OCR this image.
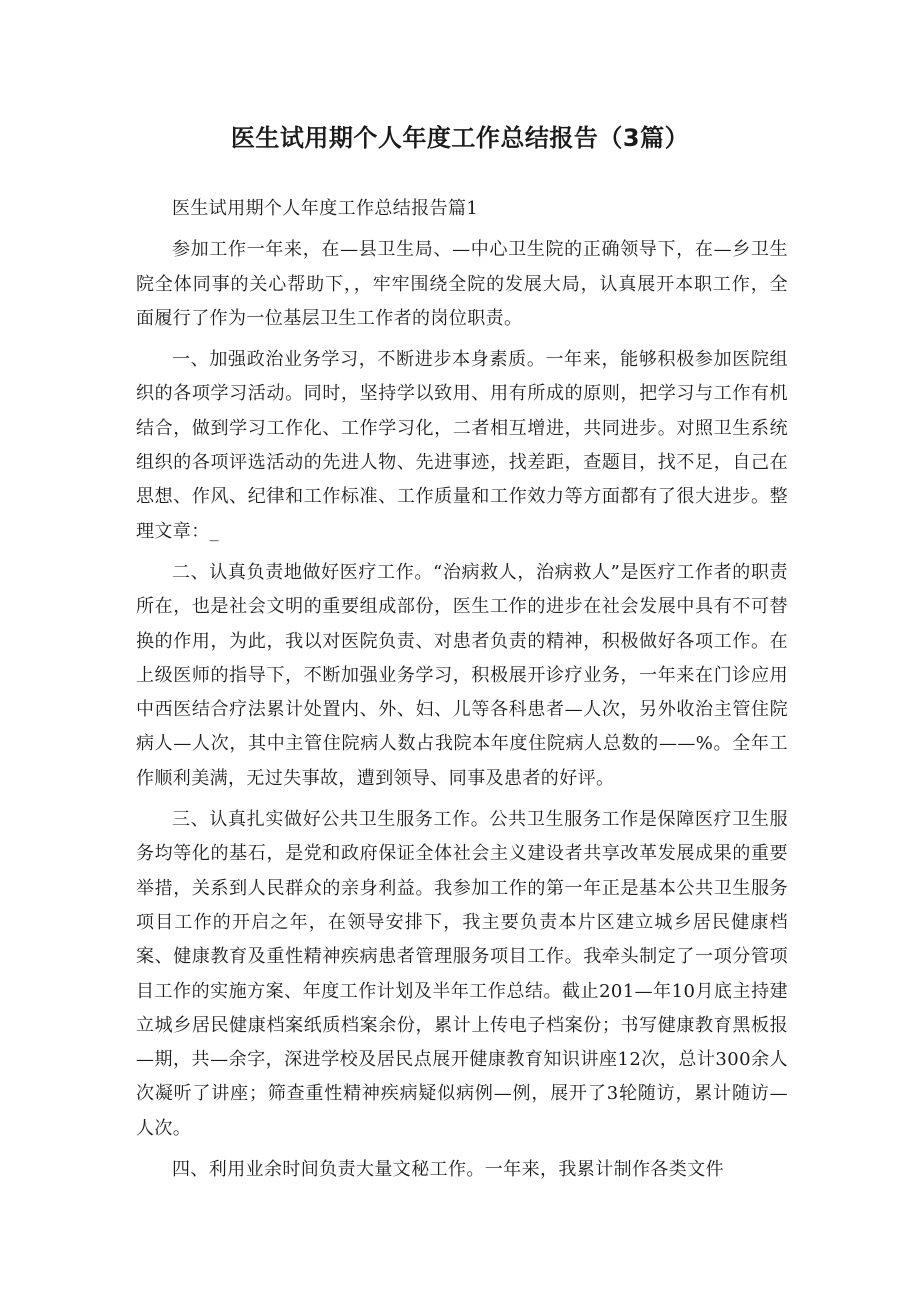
医生试用期个人年度工作总结报告（3篇）

医生试用期个人年度工作总结报告篇1

参加工作一年来，在—县卫生局、—中心卫生院的正确领导下，在—乡卫生院全体同事的关心帮助下，，牢牢围绕全院的发展大局，认真展开本职工作，全面履行了作为一位基层卫生工作者的岗位职责。

一、加强政治业务学习，不断进步本身素质。一年来，能够积极参加医院组织的各项学习活动。同时，坚持学以致用、用有所成的原则，把学习与工作有机结合，做到学习工作化、工作学习化，二者相互增进，共同进步。对照卫生系统组织的各项评选活动的先进人物、先进事迹，找差距，查题目，找不足，自己在思想、作风、纪律和工作标准、工作质量和工作效力等方面都有了很大进步。整理文章：_

二、认真负责地做好医疗工作。“治病救人，治病救人”是医疗工作者的职责所在，也是社会文明的重要组成部份，医生工作的进步在社会发展中具有不可替换的作用，为此，我以对医院负责、对患者负责的精神，积极做好各项工作。在上级医师的指导下，不断加强业务学习，积极展开诊疗业务，一年来在门诊应用中西医结合疗法累计处置内、外、妇、儿等各科患者—人次，另外收治主管住院病人—人次，其中主管住院病人数占我院本年度住院病人总数的——%。全年工作顺利美满，无过失事故，遭到领导、同事及患者的好评。

三、认真扎实做好公共卫生服务工作。公共卫生服务工作是保障医疗卫生服务均等化的基石，是党和政府保证全体社会主义建设者共享改革发展成果的重要举措，关系到人民群众的亲身利益。我参加工作的第一年正是基本公共卫生服务项目工作的开启之年，在领导安排下，我主要负责本片区建立城乡居民健康档案、健康教育及重性精神疾病患者管理服务项目工作。我牵头制定了一项分管项目工作的实施方案、年度工作计划及半年工作总结。截止201—年10月底主持建立城乡居民健康档案纸质档案余份，累计上传电子档案份；书写健康教育黑板报—期，共—余字，深进学校及居民点展开健康教育知识讲座12次，总计300余人次凝听了讲座；筛查重性精神疾病疑似病例—例，展开了3轮随访，累计随访—人次。

四、利用业余时间负责大量文秘工作。一年来，我累计制作各类文件
